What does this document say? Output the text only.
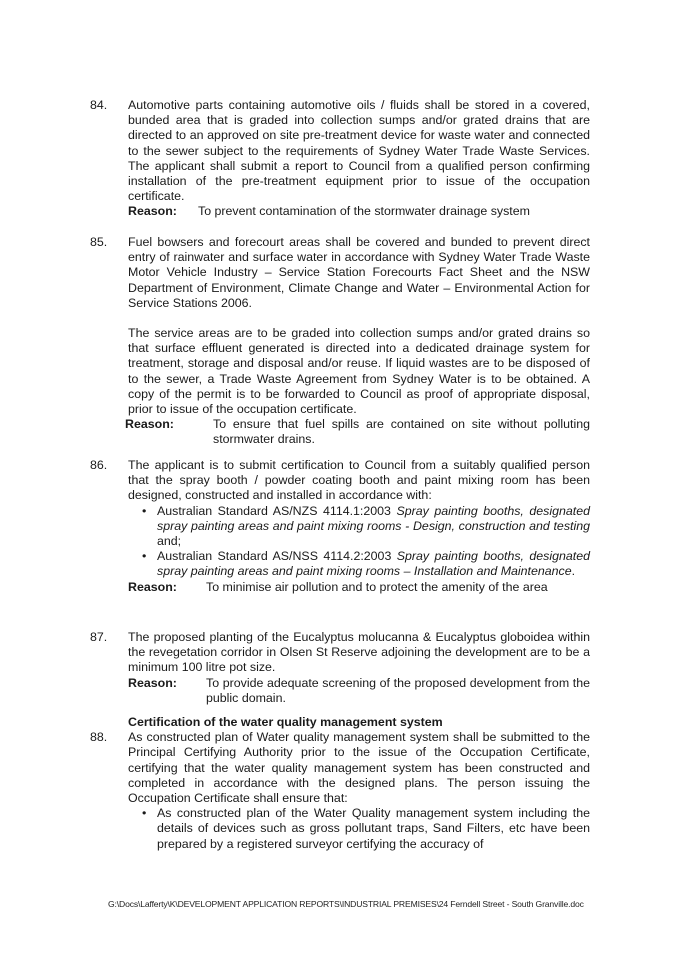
84.	Automotive parts containing automotive oils / fluids shall be stored in a covered, bunded area that is graded into collection sumps and/or grated drains that are directed to an approved on site pre-treatment device for waste water and connected to the sewer subject to the requirements of Sydney Water Trade Waste Services. The applicant shall submit a report to Council from a qualified person confirming installation of the pre-treatment equipment prior to issue of the occupation certificate.

Reason:	To prevent contamination of the stormwater drainage system
85.	Fuel bowsers and forecourt areas shall be covered and bunded to prevent direct entry of rainwater and surface water in accordance with Sydney Water Trade Waste Motor Vehicle Industry – Service Station Forecourts Fact Sheet and the NSW Department of Environment, Climate Change and Water – Environmental Action for Service Stations 2006.

The service areas are to be graded into collection sumps and/or grated drains so that surface effluent generated is directed into a dedicated drainage system for treatment, storage and disposal and/or reuse. If liquid wastes are to be disposed of to the sewer, a Trade Waste Agreement from Sydney Water is to be obtained. A copy of the permit is to be forwarded to Council as proof of appropriate disposal, prior to issue of the occupation certificate.

Reason:	To ensure that fuel spills are contained on site without polluting stormwater drains.
86.	The applicant is to submit certification to Council from a suitably qualified person that the spray booth / powder coating booth and paint mixing room has been designed, constructed and installed in accordance with:

• Australian Standard AS/NZS 4114.1:2003 Spray painting booths, designated spray painting areas and paint mixing rooms - Design, construction and testing and;
• Australian Standard AS/NSS 4114.2:2003 Spray painting booths, designated spray painting areas and paint mixing rooms – Installation and Maintenance.
Reason:	To minimise air pollution and to protect the amenity of the area
87.	The proposed planting of the Eucalyptus molucanna & Eucalyptus globoidea within the revegetation corridor in Olsen St Reserve adjoining the development are to be a minimum 100 litre pot size.

Reason:	To provide adequate screening of the proposed development from the public domain.
Certification of the water quality management system
88.	As constructed plan of Water quality management system shall be submitted to the Principal Certifying Authority prior to the issue of the Occupation Certificate, certifying that the water quality management system has been constructed and completed in accordance with the designed plans. The person issuing the Occupation Certificate shall ensure that:

• As constructed plan of the Water Quality management system including the details of devices such as gross pollutant traps, Sand Filters, etc have been prepared by a registered surveyor certifying the accuracy of
G:\Docs\Lafferty\K\DEVELOPMENT APPLICATION REPORTS\INDUSTRIAL PREMISES\24 Ferndell Street - South Granville.doc
